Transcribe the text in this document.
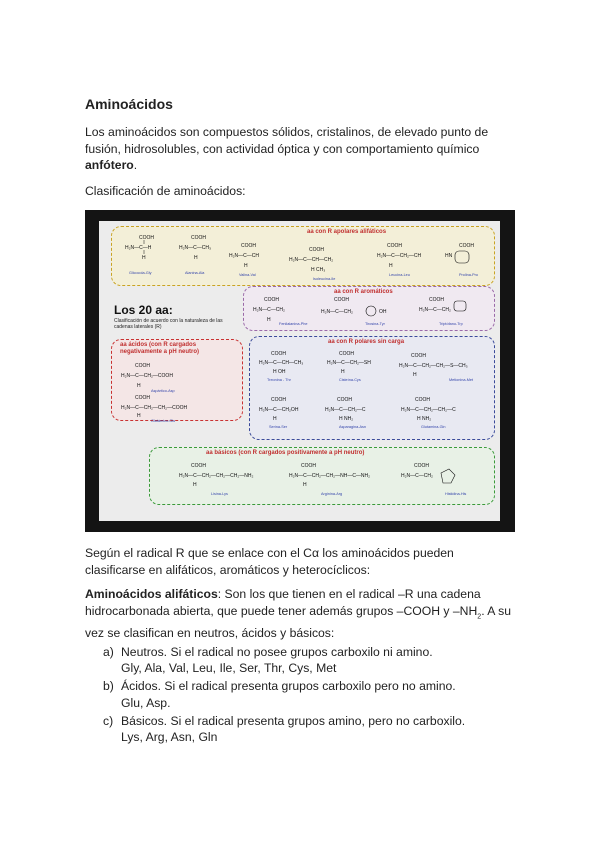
Aminoácidos

Los aminoácidos son compuestos sólidos, cristalinos, de elevado punto de fusión, hidrosolubles, con actividad óptica y con comportamiento químico anfótero.

Clasificación de aminoácidos:

aa con R apolares alifáticos
Los 20 aa:
Clasificación de acuerdo con la naturaleza de las cadenas laterales (R)
aa con R aromáticos
aa ácidos (con R cargados negativamente a pH neutro)
aa con R polares sin carga
aa básicos (con R cargados positivamente a pH neutro)
COOH
H₂N—C—H
H
COOH
H₂N—C—CH₃
H
COOH
H₂N—C—CH
H
COOH
H₂N—C—CH—CH₂
H CH₃
COOH
H₂N—C—CH₂—CH
H
COOH
HN
Glicocola-Gly	Alanina-Ala	Valina-Val
Isoleucina-Ile
Leucina-Leu	Prolina-Pro
COOH
H₂N—C—CH₂
H
COOH
H₂N—C—CH₂	OH
COOH
H₂N—C—CH₂
Fenilalanina-Phe	Tirosina-Tyr	Triptófano-Trp
COOH
H₂N—C—CH₂—COOH
H
COOH
H₂N—C—CH₂—CH₂—COOH
H
Aspártico-Asp
Glutámico-Glu
COOH
H₂N—C—CH—CH₃
H OH
COOH
H₂N—C—CH₂—SH
H
COOH
H₂N—C—CH₂—CH₂—S—CH₃
H
COOH
H₂N—C—CH₂OH
H
COOH
H₂N—C—CH₂—C
H NH₂
COOH
H₂N—C—CH₂—CH₂—C
H NH₂
Treonina - Thr	Cisteína-Cys	Metionina-Met
Serina-Ser	Asparagina-Asn	Glutamina-Gln
COOH
H₂N—C—CH₂—CH₂—CH₂—NH₂
H
COOH
H₂N—C—CH₂—CH₂—NH—C—NH₂
H
COOH
H₂N—C—CH₂
Lisina-Lys	Arginina-Arg	Histidina-His

Según el radical R que se enlace con el Cα los aminoácidos pueden clasificarse en alifáticos, aromáticos y heterocíclicos:

Aminoácidos alifáticos: Son los que tienen en el radical –R una cadena hidrocarbonada abierta, que puede tener además grupos –COOH y $-NH_2$. A su vez se clasifican en neutros, ácidos y básicos:

a) Neutros. Si el radical no posee grupos carboxilo ni amino.
Gly, Ala, Val, Leu, Ile, Ser, Thr, Cys, Met
b) Ácidos. Si el radical presenta grupos carboxilo pero no amino.
Glu, Asp.
c) Básicos. Si el radical presenta grupos amino, pero no carboxilo.
Lys, Arg, Asn, Gln
